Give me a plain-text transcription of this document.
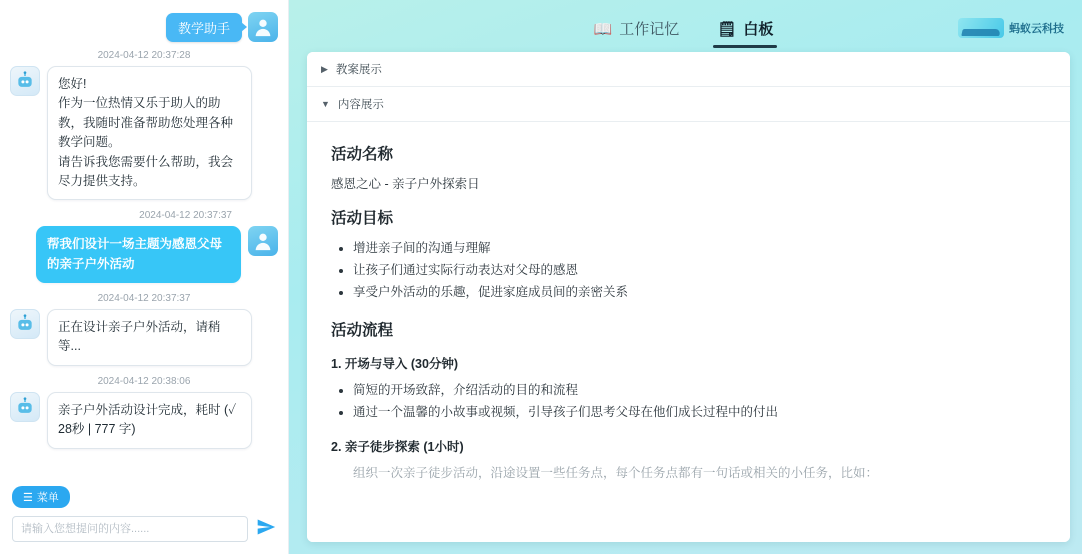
教学助手
2024-04-12 20:37:28

您好!

作为一位热情又乐于助人的助教，我随时准备帮助您处理各种教学问题。

请告诉我您需要什么帮助，我会尽力提供支持。

2024-04-12 20:37:37
帮我们设计一场主题为感恩父母的亲子户外活动
2024-04-12 20:37:37
正在设计亲子户外活动，请稍等...
2024-04-12 20:38:06
亲子户外活动设计完成，耗时 (✓ 28秒 | 777 字)
☰ 菜单
请输入您想提问的内容......
📖 工作记忆	🗒 白板	蚂蚁云科技
▶ 教案展示
▼ 内容展示
活动名称

感恩之心 - 亲子户外探索日

活动目标
• 增进亲子间的沟通与理解
• 让孩子们通过实际行动表达对父母的感恩
• 享受户外活动的乐趣，促进家庭成员间的亲密关系
活动流程
1. 开场与导入 (30分钟)
• 简短的开场致辞，介绍活动的目的和流程
• 通过一个温馨的小故事或视频，引导孩子们思考父母在他们成长过程中的付出
2. 亲子徒步探索 (1小时)
组织一次亲子徒步活动，沿途设置一些任务点，每个任务点都有一句话或相关的小任务，比如：
